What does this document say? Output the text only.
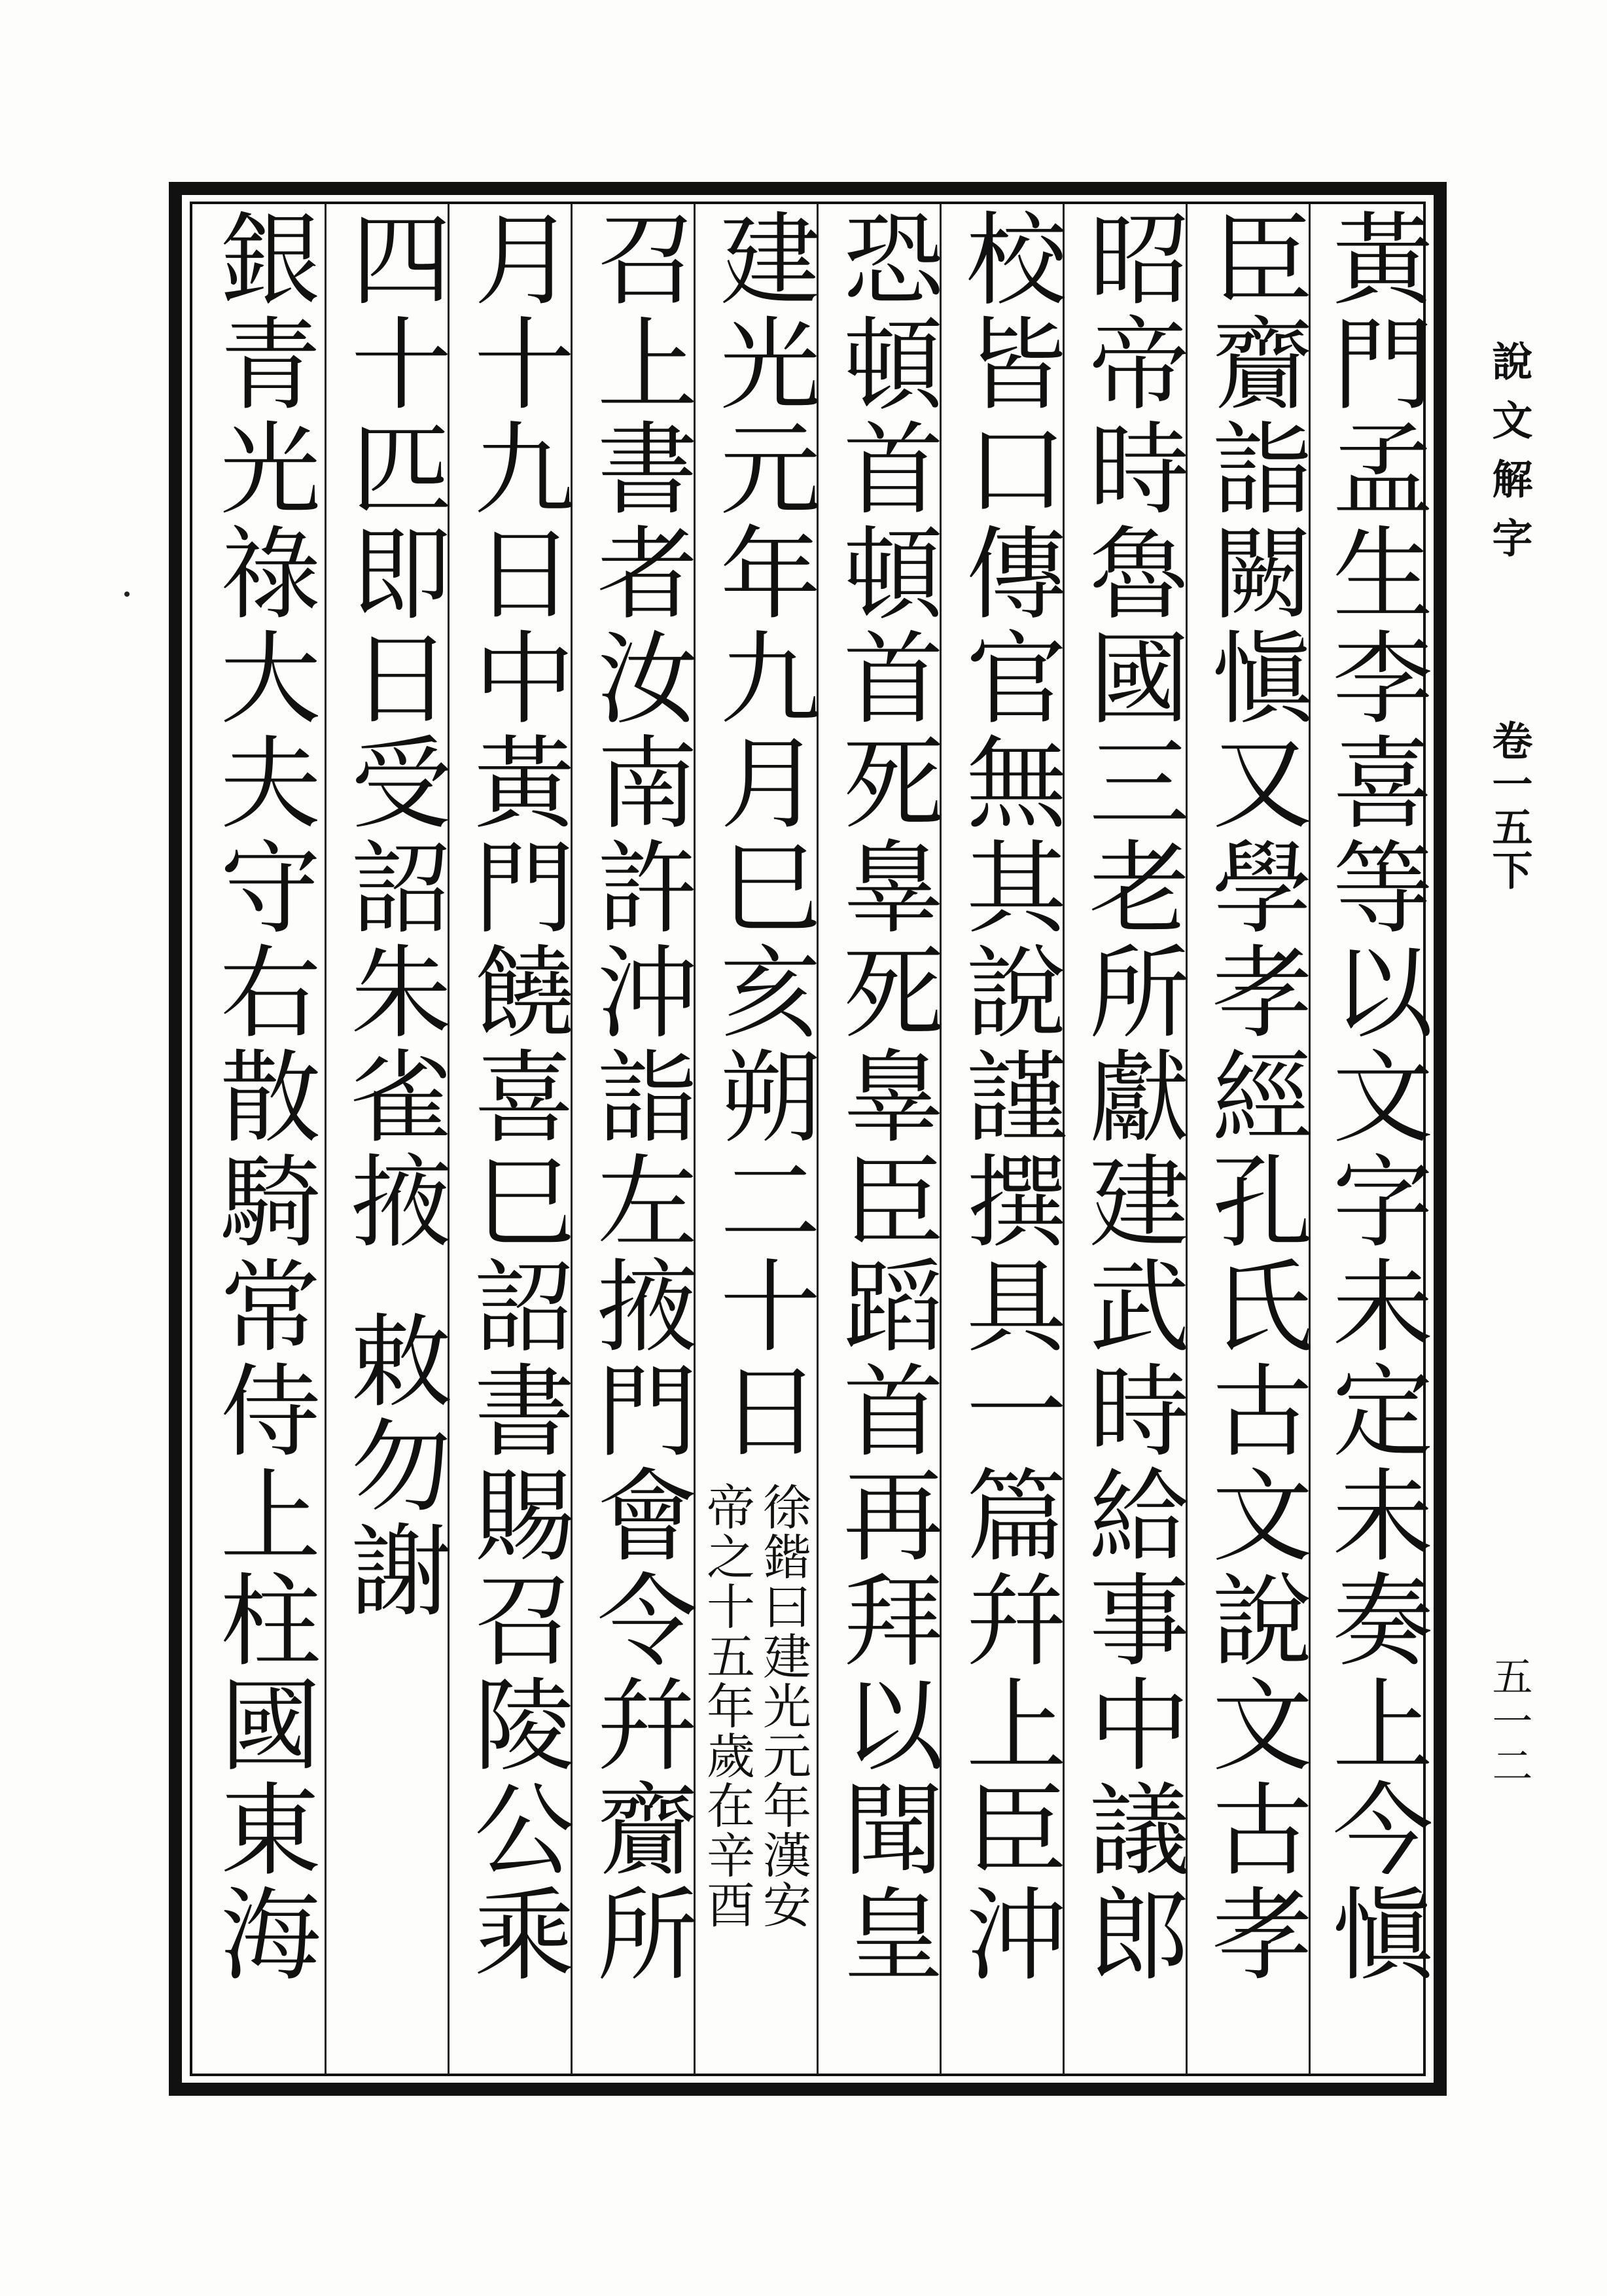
黃門孟生李喜等以文字未定未奏上今愼
臣齎詣闕愼又學孝經孔氏古文說文古孝
昭帝時魯國三老所獻建武時給事中議郎
校皆口傳官無其說謹撰具一篇幷上臣沖
恐頓首頓首死辠死辠臣蹈首再拜以聞皇
建光元年九月巳亥朔二十日
徐鍇曰建光元年漢安
帝之十五年歲在辛酉
召上書者汝南許沖詣左掖門會令幷齎所
月十九日中黃門饒喜巳詔書賜召陵公乘
四十匹即日受詔朱雀掖
敕勿謝
銀青光祿大夫守右散騎常侍上柱國東海
說文解字
卷一五下
五一二
